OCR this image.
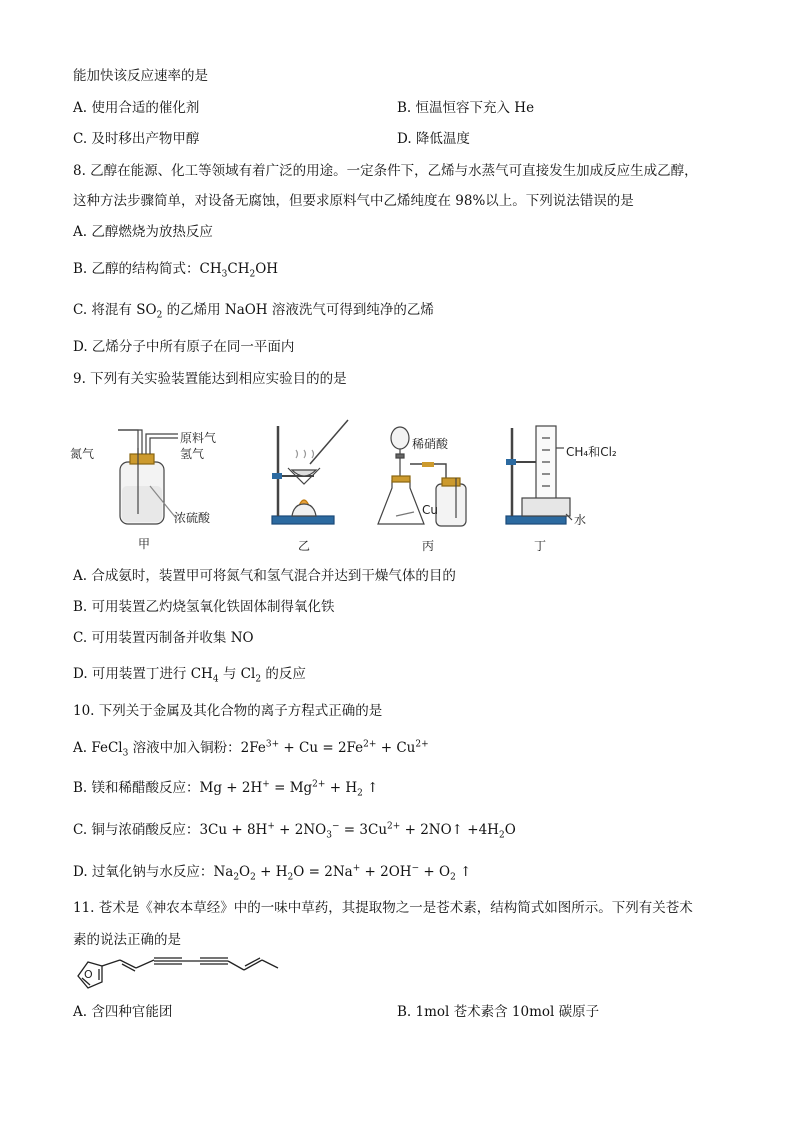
能加快该反应速率的是
A. 使用合适的催化剂	B. 恒温恒容下充入 He
C. 及时移出产物甲醇	D. 降低温度
8. 乙醇在能源、化工等领域有着广泛的用途。一定条件下，乙烯与水蒸气可直接发生加成反应生成乙醇，
这种方法步骤简单，对设备无腐蚀，但要求原料气中乙烯纯度在 98%以上。下列说法错误的是
A. 乙醇燃烧为放热反应
B. 乙醇的结构简式：$CH_3CH_2OH$
C. 将混有 $SO_2$ 的乙烯用 NaOH 溶液洗气可得到纯净的乙烯
D. 乙烯分子中所有原子在同一平面内
9. 下列有关实验装置能达到相应实验目的的是
氮气
原料气
氢气
浓硫酸
甲	乙
稀硝酸
Cu
丙
CH₄和Cl₂
水
丁
A. 合成氨时，装置甲可将氮气和氢气混合并达到干燥气体的目的
B. 可用装置乙灼烧氢氧化铁固体制得氧化铁
C. 可用装置丙制备并收集 NO
D. 可用装置丁进行 $CH_4$ 与 $Cl_2$ 的反应
10. 下列关于金属及其化合物的离子方程式正确的是
A. FeCl$_3$ 溶液中加入铜粉：$2Fe^{3+} + Cu = 2Fe^{2+} + Cu^{2+}$
B. 镁和稀醋酸反应：$Mg + 2H^+ = Mg^{2+} + H_2$ ↑
C. 铜与浓硝酸反应：$3Cu + 8H^+ + 2NO_3^- = 3Cu^{2+}$ + 2NO↑ $+4H_2O$
D. 过氧化钠与水反应：$Na_2O_2 + H_2O = 2Na^+ + 2OH^- + O_2$ ↑
11. 苍术是《神农本草经》中的一味中草药，其提取物之一是苍术素，结构简式如图所示。下列有关苍术
素的说法正确的是
O
A. 含四种官能团	B. 1mol 苍术素含 10mol 碳原子
